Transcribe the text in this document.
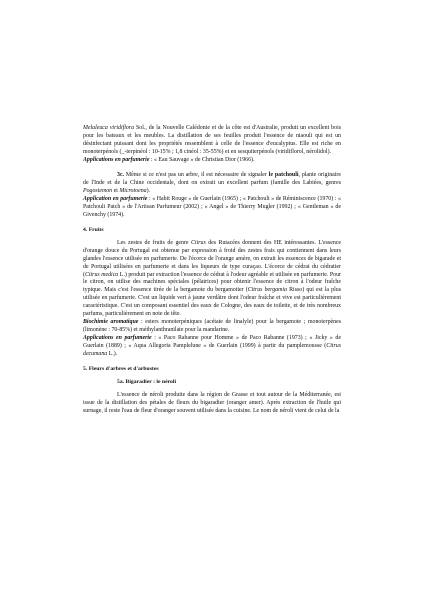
Melaleuca viridiflora Sol., de la Nouvelle Calédonie et de la côte est d'Australie, produit un excellent bois pour les bateaux et les meubles. La distillation de ses feuilles produit l'essence de niaouli qui est un désinfectant puissant dont les propriétés ressemblent à celle de l'essence d'eucalyptus. Elle est riche en monoterpénols (_-terpinéol : 10-15% ; 1,8 cinéol : 35-55%) et en sesquiterpénols (viridiflorol, nérolidol).

Applications en parfumerie : « Eau Sauvage » de Christian Dior (1966).

3c. Même si ce n'est pas un arbre, il est nécessaire de signaler le patchouli, plante originaire de l'Inde et de la Chine occidentale, dont on extrait un excellent parfum (famille des Labiées, genres Pogostemon et Microtoena).

Application en parfumerie : « Habit Rouge » de Guerlain (1965) ; « Patchouli » de Réminiscence (1970) : « Patchouli Patch » de l'Artisan Parfumeur (2002) ; « Angel » de Thierry Mugler (1992) ; « Gentleman » de Givenchy (1974).

4. Fruits

Les zestes de fruits de genre Citrus des Rutacées donnent des HE intéressantes. L'essence d'orange douce du Portugal est obtenue par expression à froid des zestes frais qui contiennent dans leurs glandes l'essence utilisée en parfumerie. De l'écorce de l'orange amère, on extrait les essences de bigarade et de Portugal utilisées en parfumerie et dans les liqueurs de type curaçao. L'écorce de cédrat du cédratier (Citrus medica L.) produit par extraction l'essence de cédrat à l'odeur agréable et utilisée en parfumerie. Pour le citron, on utilise des machines spéciales (pélatrices) pour obtenir l'essence de citron à l'odeur fraîche typique. Mais c'est l'essence tirée de la bergamote du bergamotier (Citrus bergamia Risso) qui est la plus utilisée en parfumerie. C'est un liquide vert à jaune verdâtre dont l'odeur fraîche et vive est particulièrement caractéristique. C'est un composant essentiel des eaux de Cologne, des eaux de toilette, et de très nombreux parfums, particulièrement en note de tête.

Biochimie aromatique : esters monoterpéniques (acétate de linalyle) pour la bergamote ; monoterpènes (limonène : 70-85%) et méthylanthranilate pour la mandarine.

Applications en parfumerie : « Paco Rabanne pour Homme » de Paco Rabanne (1973) ; « Jicky » de Guerlain (1889) ; « Aqua Allegoria Pamplelune » de Guerlain (1999) à partir du pamplemousse (Citrus decumana L.).

5. Fleurs d'arbres et d'arbustes

5a. Bigaradier : le néroli

L'essence de néroli produite dans la région de Grasse et tout autour de la Méditerranée, est issue de la distillation des pétales de fleurs du bigaradier (oranger amer). Après extraction de l'huile qui surnage, il reste l'eau de fleur d'oranger souvent utilisée dans la cuisine. Le nom de néroli vient de celui de la
